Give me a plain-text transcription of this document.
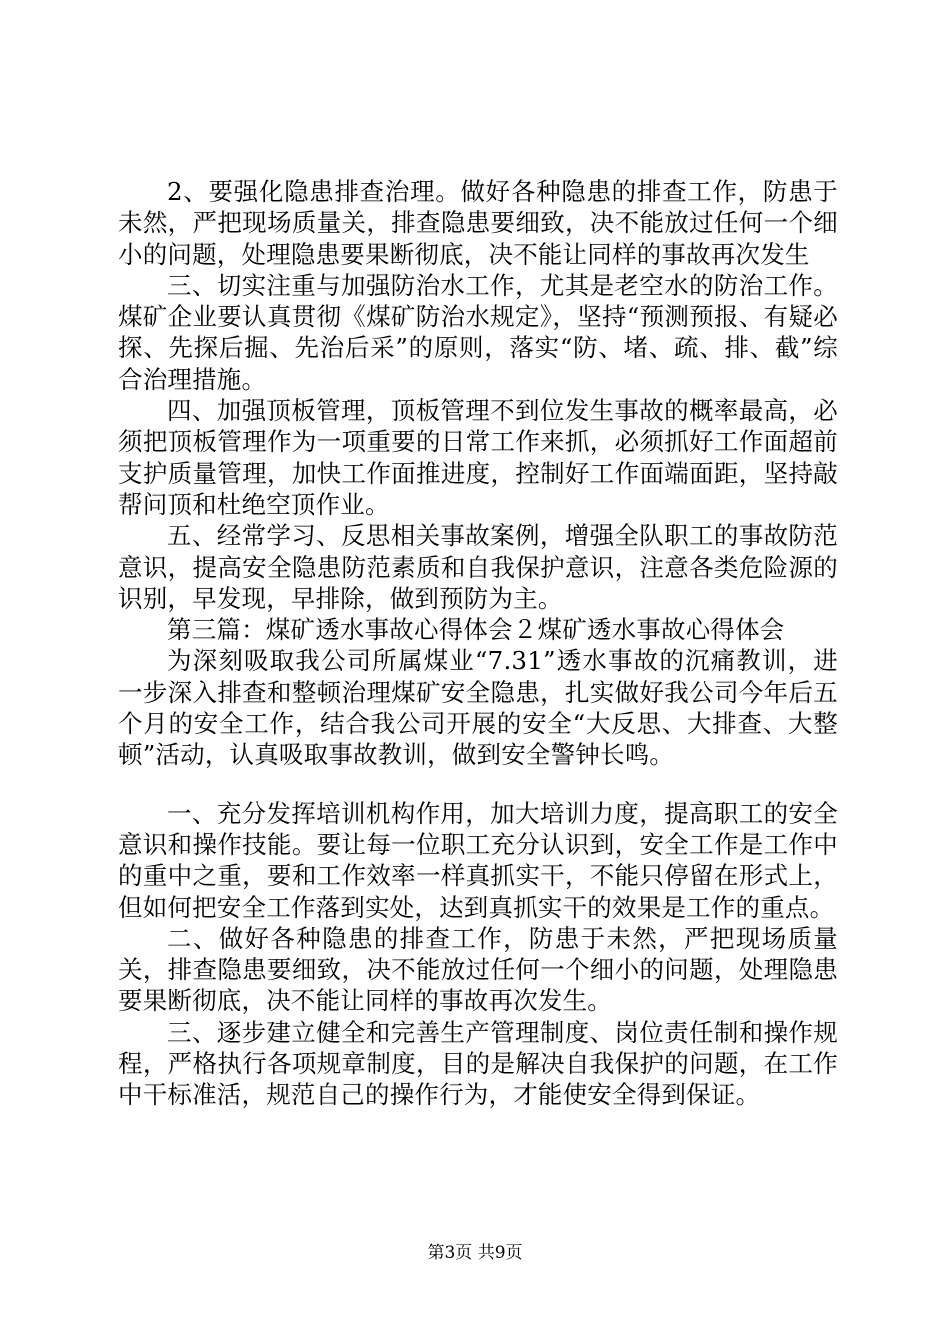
2、要强化隐患排查治理。做好各种隐患的排查工作，防患于未然，严把现场质量关，排查隐患要细致，决不能放过任何一个细小的问题，处理隐患要果断彻底，决不能让同样的事故再次发生

三、切实注重与加强防治水工作，尤其是老空水的防治工作。煤矿企业要认真贯彻《煤矿防治水规定》，坚持“预测预报、有疑必探、先探后掘、先治后采”的原则，落实“防、堵、疏、排、截”综合治理措施。

四、加强顶板管理，顶板管理不到位发生事故的概率最高，必须把顶板管理作为一项重要的日常工作来抓，必须抓好工作面超前支护质量管理，加快工作面推进度，控制好工作面端面距，坚持敲帮问顶和杜绝空顶作业。

五、经常学习、反思相关事故案例，增强全队职工的事故防范意识，提高安全隐患防范素质和自我保护意识，注意各类危险源的识别，早发现，早排除，做到预防为主。

第三篇：煤矿透水事故心得体会２煤矿透水事故心得体会

为深刻吸取我公司所属煤业“7.31”透水事故的沉痛教训，进一步深入排查和整顿治理煤矿安全隐患，扎实做好我公司今年后五个月的安全工作，结合我公司开展的安全“大反思、大排查、大整顿”活动，认真吸取事故教训，做到安全警钟长鸣。

一、充分发挥培训机构作用，加大培训力度，提高职工的安全意识和操作技能。要让每一位职工充分认识到，安全工作是工作中的重中之重，要和工作效率一样真抓实干，不能只停留在形式上，但如何把安全工作落到实处，达到真抓实干的效果是工作的重点。

二、做好各种隐患的排查工作，防患于未然，严把现场质量关，排查隐患要细致，决不能放过任何一个细小的问题，处理隐患要果断彻底，决不能让同样的事故再次发生。

三、逐步建立健全和完善生产管理制度、岗位责任制和操作规程，严格执行各项规章制度，目的是解决自我保护的问题，在工作中干标准活，规范自己的操作行为，才能使安全得到保证。

第3页 共9页
